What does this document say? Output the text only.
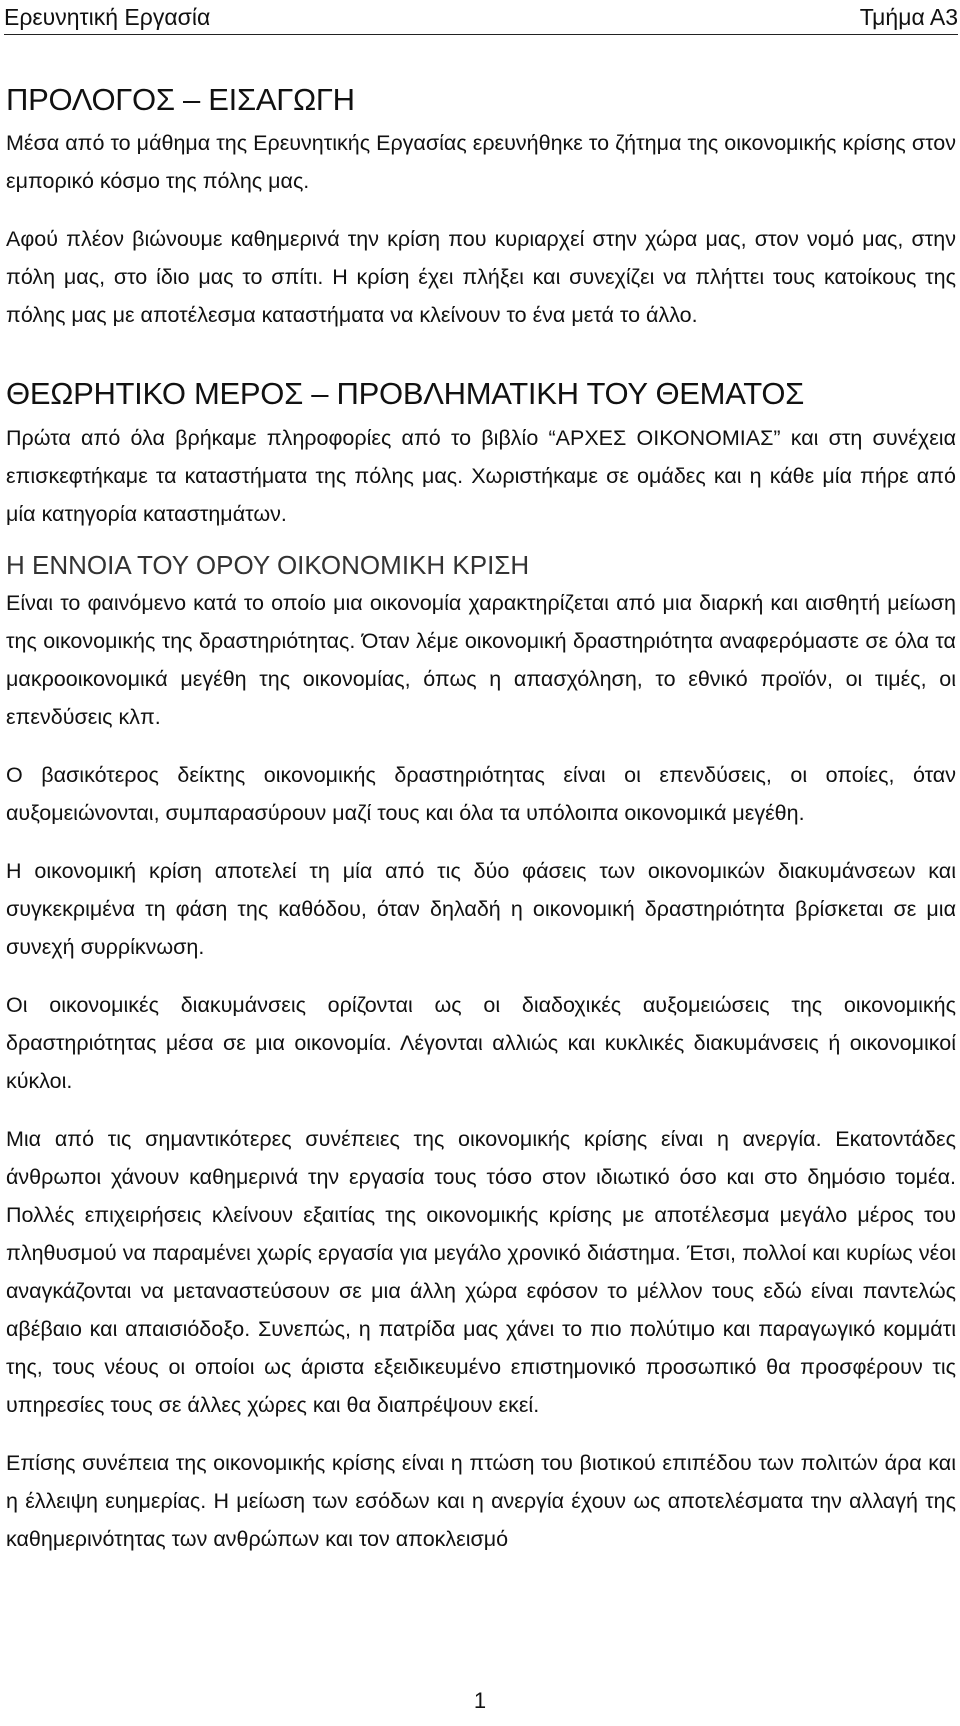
Ερευνητική Εργασία	Τμήμα Α3
ΠΡΟΛΟΓΟΣ – ΕΙΣΑΓΩΓΗ

Μέσα από το μάθημα της Ερευνητικής Εργασίας ερευνήθηκε το ζήτημα της οικονομικής κρίσης στον εμπορικό κόσμο της πόλης μας.

Αφού πλέον βιώνουμε καθημερινά την κρίση που κυριαρχεί στην χώρα μας, στον νομό μας, στην πόλη μας, στο ίδιο μας το σπίτι. Η κρίση έχει πλήξει και συνεχίζει να πλήττει τους κατοίκους της πόλης μας με αποτέλεσμα καταστήματα να κλείνουν το ένα μετά το άλλο.

ΘΕΩΡΗΤΙΚΟ ΜΕΡΟΣ – ΠΡΟΒΛΗΜΑΤΙΚΗ ΤΟΥ ΘΕΜΑΤΟΣ

Πρώτα από όλα βρήκαμε πληροφορίες από το βιβλίο “ΑΡΧΕΣ ΟΙΚΟΝΟΜΙΑΣ” και στη συνέχεια επισκεφτήκαμε τα καταστήματα της πόλης μας. Χωριστήκαμε σε ομάδες και η κάθε μία πήρε από μία κατηγορία καταστημάτων.

Η ΕΝΝΟΙΑ ΤΟΥ ΟΡΟΥ ΟΙΚΟΝΟΜΙΚΗ ΚΡΙΣΗ

Είναι το φαινόμενο κατά το οποίο μια οικονομία χαρακτηρίζεται από μια διαρκή και αισθητή μείωση της οικονομικής της δραστηριότητας. Όταν λέμε οικονομική δραστηριότητα αναφερόμαστε σε όλα τα μακροοικονομικά μεγέθη της οικονομίας, όπως η απασχόληση, το εθνικό προϊόν, οι τιμές, οι επενδύσεις κλπ.

Ο βασικότερος δείκτης οικονομικής δραστηριότητας είναι οι επενδύσεις, οι οποίες, όταν αυξομειώνονται, συμπαρασύρουν μαζί τους και όλα τα υπόλοιπα οικονομικά μεγέθη.

Η οικονομική κρίση αποτελεί τη μία από τις δύο φάσεις των οικονομικών διακυμάνσεων και συγκεκριμένα τη φάση της καθόδου, όταν δηλαδή η οικονομική δραστηριότητα βρίσκεται σε μια συνεχή συρρίκνωση.

Οι οικονομικές διακυμάνσεις ορίζονται ως οι διαδοχικές αυξομειώσεις της οικονομικής δραστηριότητας μέσα σε μια οικονομία. Λέγονται αλλιώς και κυκλικές διακυμάνσεις ή οικονομικοί κύκλοι.

Μια από τις σημαντικότερες συνέπειες της οικονομικής κρίσης είναι η ανεργία. Εκατοντάδες άνθρωποι χάνουν καθημερινά την εργασία τους τόσο στον ιδιωτικό όσο και στο δημόσιο τομέα. Πολλές επιχειρήσεις κλείνουν εξαιτίας της οικονομικής κρίσης με αποτέλεσμα μεγάλο μέρος του πληθυσμού να παραμένει χωρίς εργασία για μεγάλο χρονικό διάστημα. Έτσι, πολλοί και κυρίως νέοι αναγκάζονται να μεταναστεύσουν σε μια άλλη χώρα εφόσον το μέλλον τους εδώ είναι παντελώς αβέβαιο και απαισιόδοξο. Συνεπώς, η πατρίδα μας χάνει το πιο πολύτιμο και παραγωγικό κομμάτι της, τους νέους οι οποίοι ως άριστα εξειδικευμένο επιστημονικό προσωπικό θα προσφέρουν τις υπηρεσίες τους σε άλλες χώρες και θα διαπρέψουν εκεί.

Επίσης συνέπεια της οικονομικής κρίσης είναι η πτώση του βιοτικού επιπέδου των πολιτών άρα και η έλλειψη ευημερίας. Η μείωση των εσόδων και η ανεργία έχουν ως αποτελέσματα την αλλαγή της καθημερινότητας των ανθρώπων και τον αποκλεισμό

1
